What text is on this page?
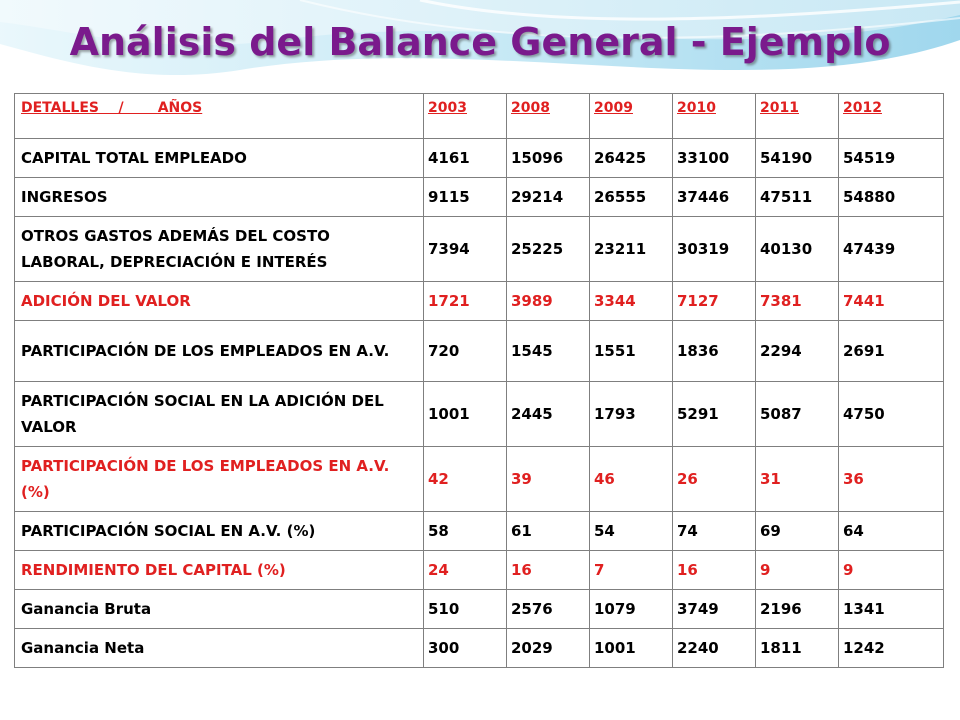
Análisis del Balance General - Ejemplo
DETALLES    /       AÑOS	2003	2008	2009	2010	2011	2012
CAPITAL TOTAL EMPLEADO	4161	15096	26425	33100	54190	54519
INGRESOS	9115	29214	26555	37446	47511	54880
OTROS GASTOS ADEMÁS DEL COSTO LABORAL, DEPRECIACIÓN E INTERÉS	7394	25225	23211	30319	40130	47439
ADICIÓN DEL VALOR	1721	3989	3344	7127	7381	7441
PARTICIPACIÓN DE LOS EMPLEADOS EN A.V.	720	1545	1551	1836	2294	2691
PARTICIPACIÓN SOCIAL EN LA ADICIÓN DEL VALOR	1001	2445	1793	5291	5087	4750
PARTICIPACIÓN DE LOS EMPLEADOS EN A.V. (%)	42	39	46	26	31	36
PARTICIPACIÓN SOCIAL EN A.V. (%)	58	61	54	74	69	64
RENDIMIENTO DEL CAPITAL (%)	24	16	7	16	9	9
Ganancia Bruta	510	2576	1079	3749	2196	1341
Ganancia Neta	300	2029	1001	2240	1811	1242
